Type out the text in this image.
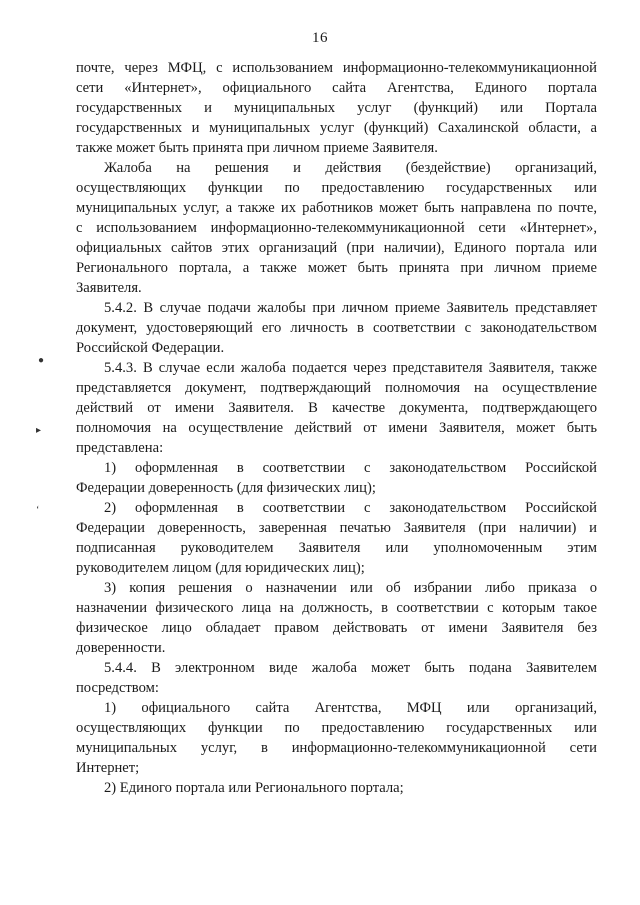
16
почте, через МФЦ, с использованием информационно-телекоммуникационной
сети «Интернет», официального сайта Агентства, Единого портала
государственных и муниципальных услуг (функций) или Портала
государственных и муниципальных услуг (функций) Сахалинской области, а
также может быть принята при личном приеме Заявителя.
Жалоба на решения и действия (бездействие) организаций,
осуществляющих функции по предоставлению государственных или
муниципальных услуг, а также их работников может быть направлена по почте,
с использованием информационно-телекоммуникационной сети «Интернет»,
официальных сайтов этих организаций (при наличии), Единого портала или
Регионального портала, а также может быть принята при личном приеме
Заявителя.
5.4.2. В случае подачи жалобы при личном приеме Заявитель представляет
документ, удостоверяющий его личность в соответствии с законодательством
Российской Федерации.
5.4.3. В случае если жалоба подается через представителя Заявителя, также
представляется документ, подтверждающий полномочия на осуществление
действий от имени Заявителя. В качестве документа, подтверждающего
полномочия на осуществление действий от имени Заявителя, может быть
представлена:
1) оформленная в соответствии с законодательством Российской
Федерации доверенность (для физических лиц);
2) оформленная в соответствии с законодательством Российской
Федерации доверенность, заверенная печатью Заявителя (при наличии) и
подписанная руководителем Заявителя или уполномоченным этим
руководителем лицом (для юридических лиц);
3) копия решения о назначении или об избрании либо приказа о
назначении физического лица на должность, в соответствии с которым такое
физическое лицо обладает правом действовать от имени Заявителя без
доверенности.
5.4.4. В электронном виде жалоба может быть подана Заявителем
посредством:
1) официального сайта Агентства, МФЦ или организаций,
осуществляющих функции по предоставлению государственных или
муниципальных услуг, в информационно-телекоммуникационной сети
Интернет;
2) Единого портала или Регионального портала;
●
▸
‘
